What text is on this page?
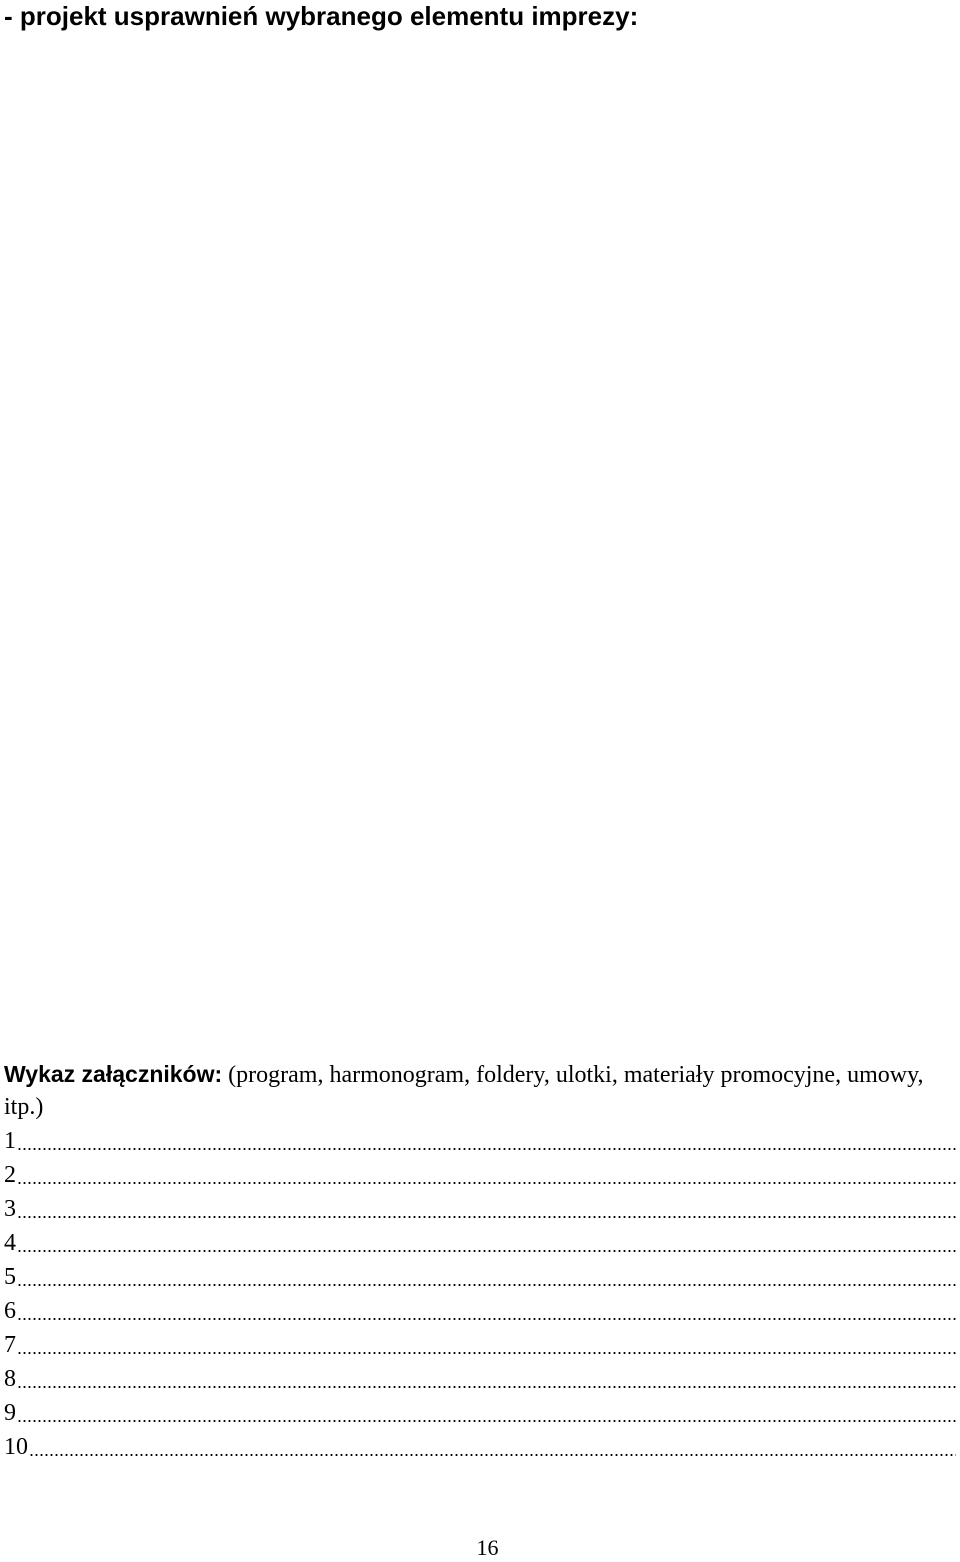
- projekt usprawnień wybranego elementu imprezy:

Wykaz załączników: (program, harmonogram, foldery, ulotki, materiały promocyjne, umowy, itp.)

1
2
3
4
5
6
7
8
9
10
16
